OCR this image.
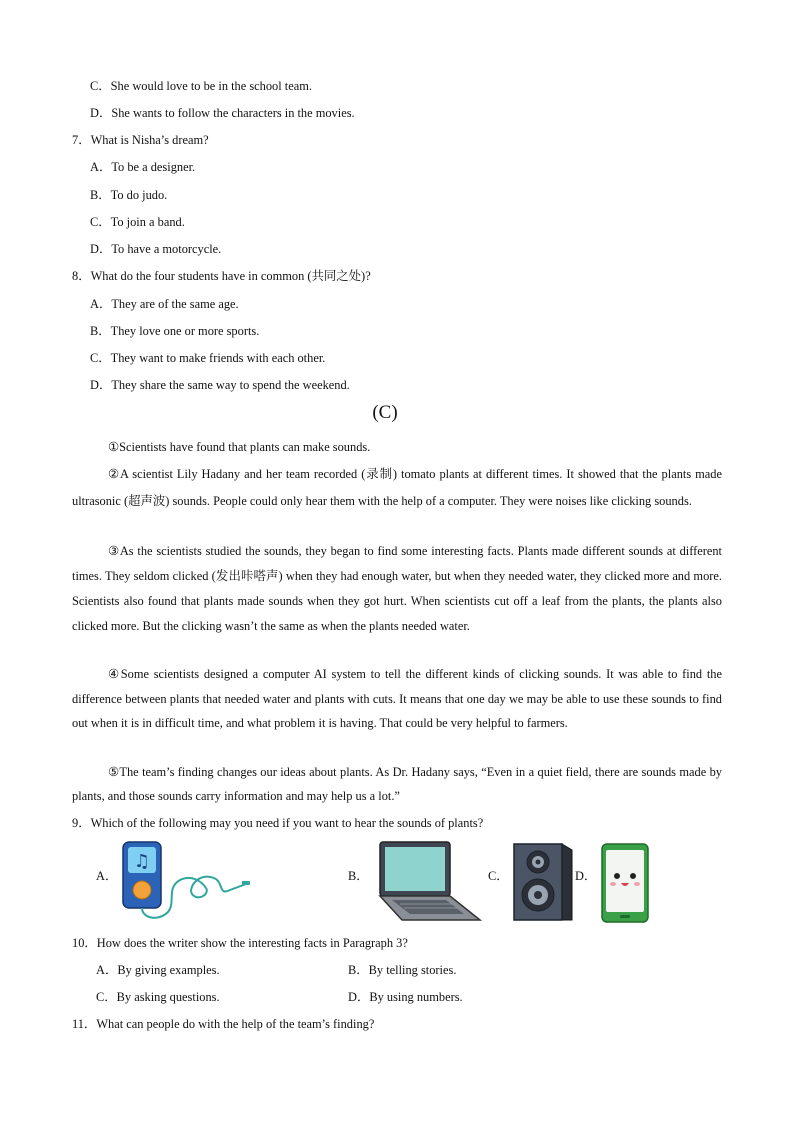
C．She would love to be in the school team.
D．She wants to follow the characters in the movies.
7．What is Nisha’s dream?
A．To be a designer.
B．To do judo.
C．To join a band.
D．To have a motorcycle.
8．What do the four students have in common (共同之处)?
A．They are of the same age.
B．They love one or more sports.
C．They want to make friends with each other.
D．They share the same way to spend the weekend.
(C)
①Scientists have found that plants can make sounds.
②A scientist Lily Hadany and her team recorded (录制) tomato plants at different times. It showed that the plants made ultrasonic (超声波) sounds. People could only hear them with the help of a computer. They were noises like clicking sounds.
③As the scientists studied the sounds, they began to find some interesting facts. Plants made different sounds at different times. They seldom clicked (发出咔嗒声) when they had enough water, but when they needed water, they clicked more and more. Scientists also found that plants made sounds when they got hurt. When scientists cut off a leaf from the plants, the plants also clicked more. But the clicking wasn’t the same as when the plants needed water.
④Some scientists designed a computer AI system to tell the different kinds of clicking sounds. It was able to find the difference between plants that needed water and plants with cuts. It means that one day we may be able to use these sounds to find out when it is in difficult time, and what problem it is having. That could be very helpful to farmers.
⑤The team’s finding changes our ideas about plants. As Dr. Hadany says, “Even in a quiet field, there are sounds made by plants, and those sounds carry information and may help us a lot.”
9．Which of the following may you need if you want to hear the sounds of plants?
A．
♫
B．	C．	D．
10．How does the writer show the interesting facts in Paragraph 3?
A．By giving examples.	B．By telling stories.
C．By asking questions.	D．By using numbers.
11．What can people do with the help of the team’s finding?
